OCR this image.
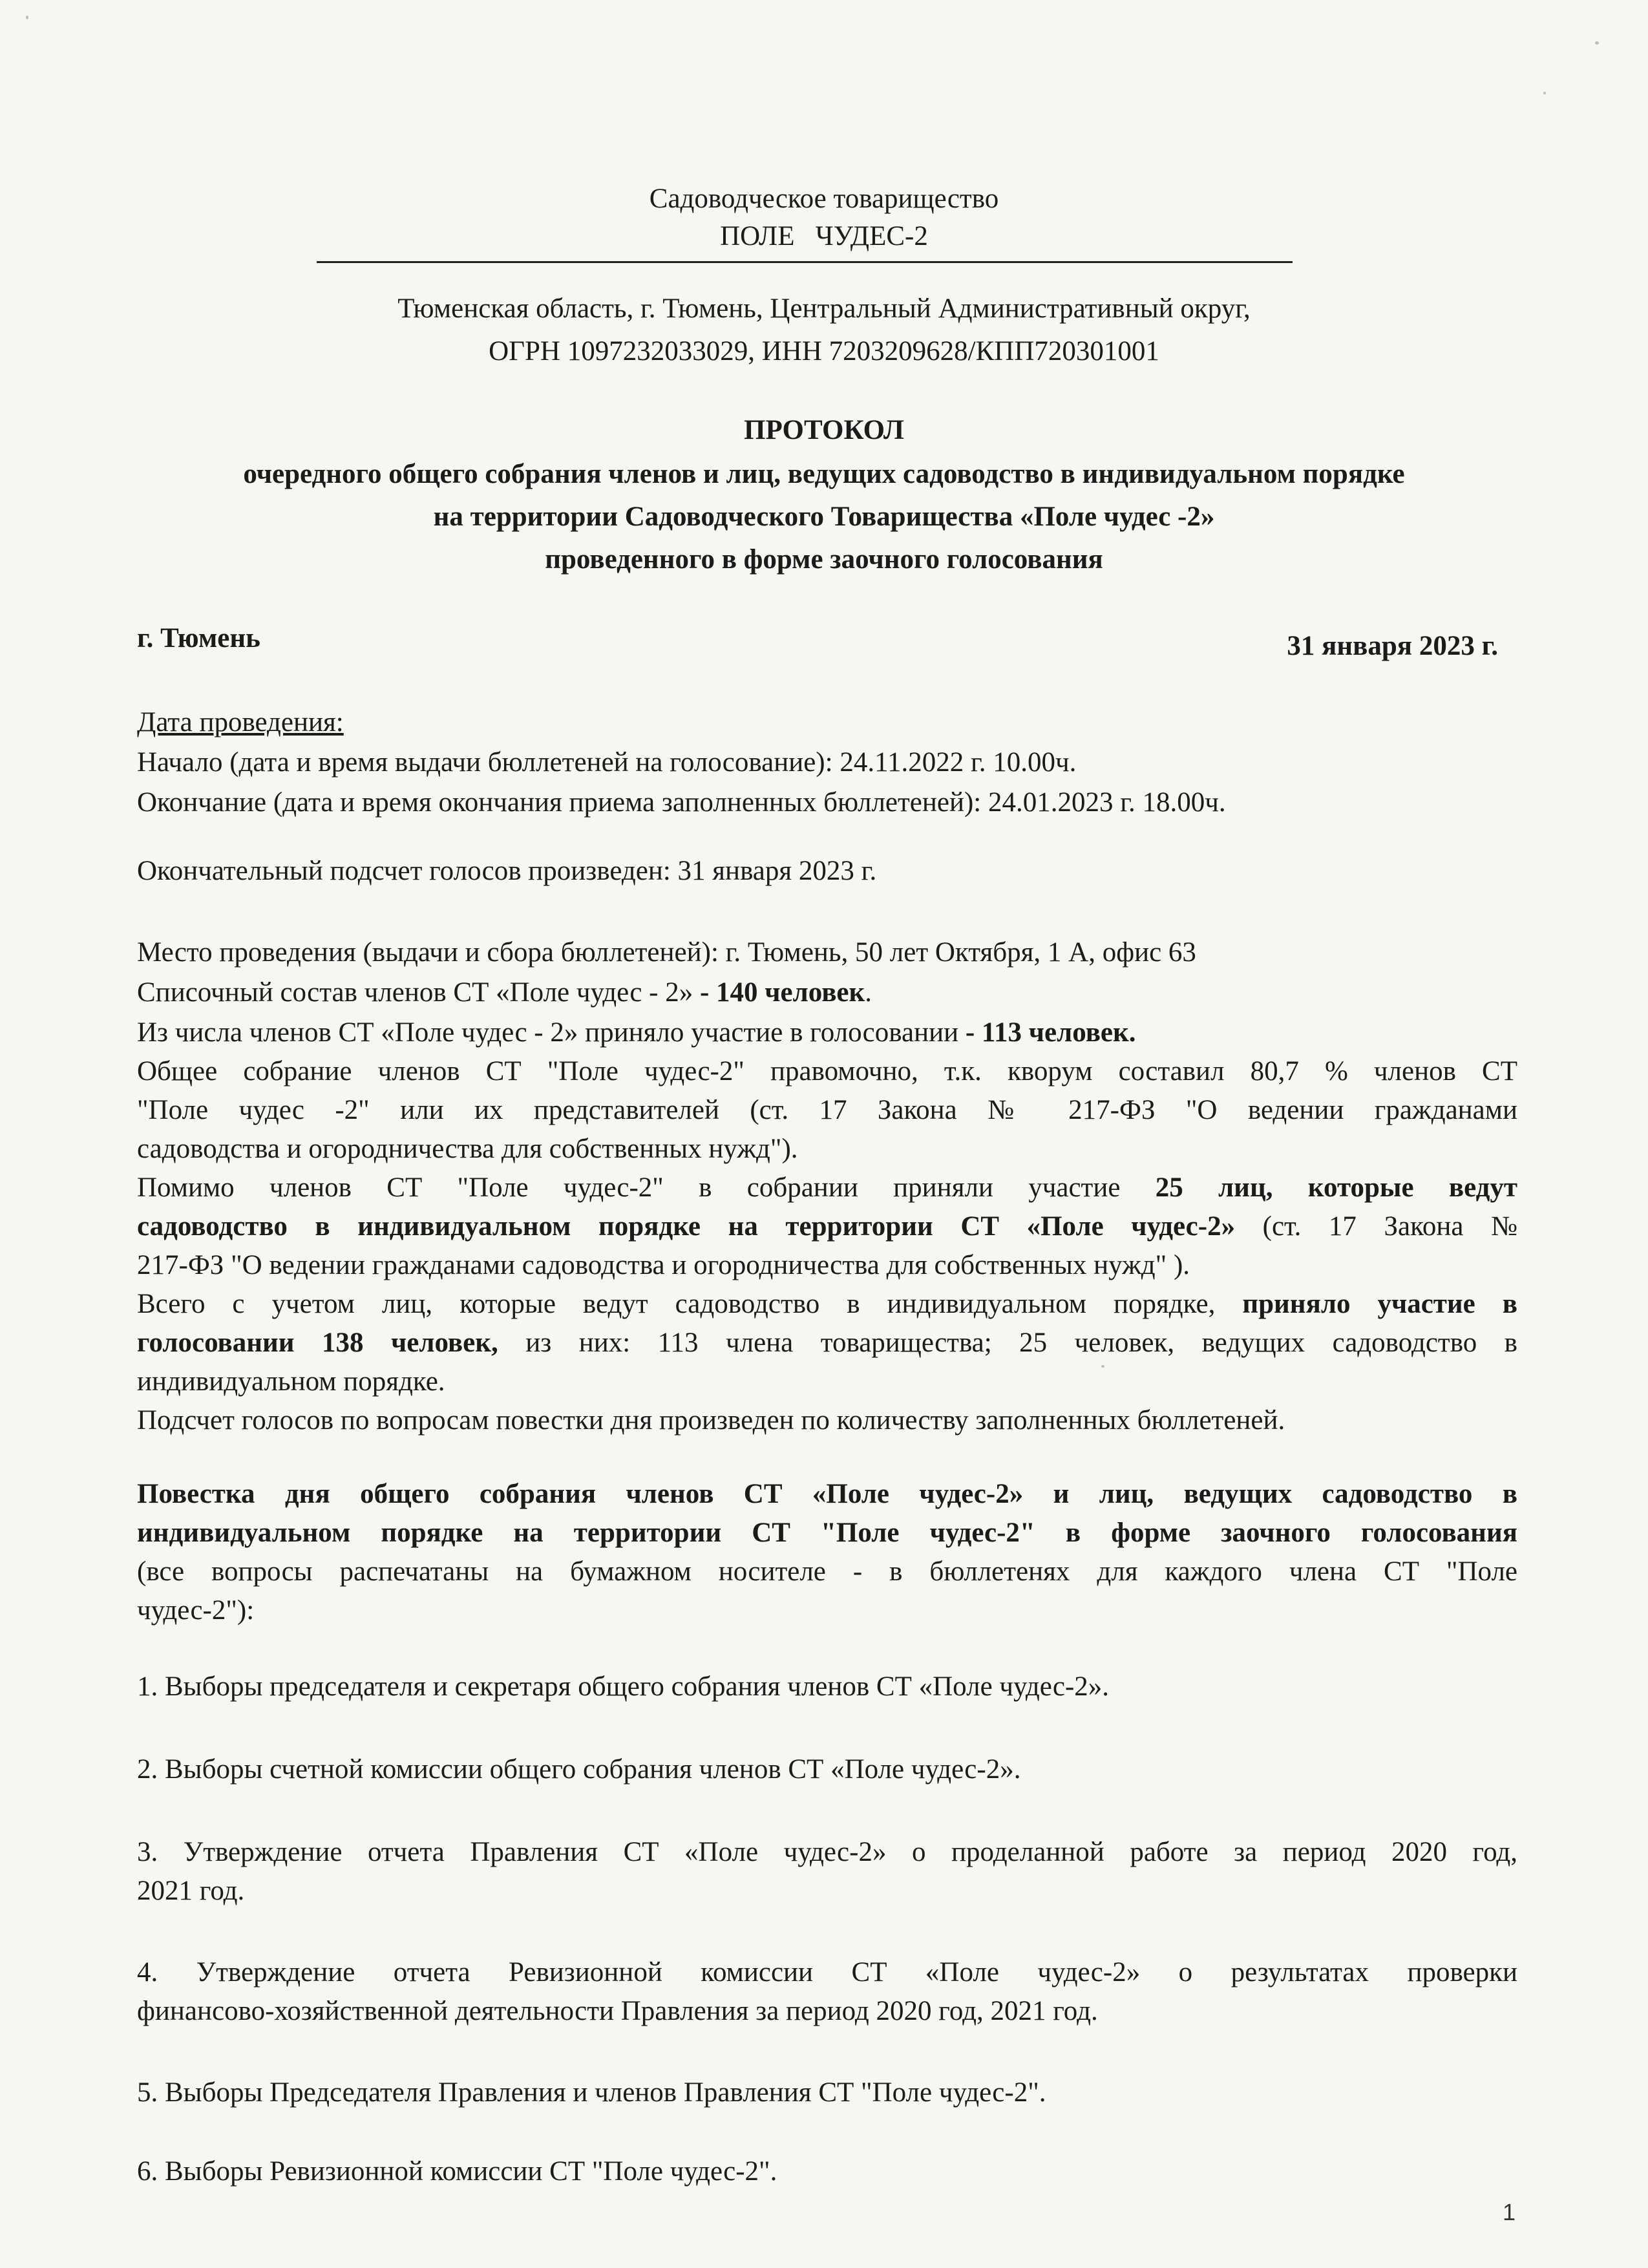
Садоводческое товарищество

ПОЛЕ   ЧУДЕС-2

Тюменская область, г. Тюмень, Центральный Административный округ,

ОГРН 1097232033029, ИНН 7203209628/КПП720301001

ПРОТОКОЛ

очередного общего собрания членов и лиц, ведущих садоводство в индивидуальном порядке

на территории Садоводческого Товарищества «Поле чудес -2»

проведенного в форме заочного голосования

г. Тюмень	31 января 2023 г.

Дата проведения:

Начало (дата и время выдачи бюллетеней на голосование): 24.11.2022 г. 10.00ч.

Окончание (дата и время окончания приема заполненных бюллетеней): 24.01.2023 г. 18.00ч.

Окончательный подсчет голосов произведен: 31 января 2023 г.

Место проведения (выдачи и сбора бюллетеней): г. Тюмень, 50 лет Октября, 1 А, офис 63

Списочный состав членов СТ «Поле чудес - 2» - 140 человек.

Из числа членов СТ «Поле чудес - 2» приняло участие в голосовании - 113 человек.

Общее собрание членов СТ "Поле чудес-2" правомочно, т.к. кворум составил 80,7 % членов СТ

"Поле чудес -2" или их представителей (ст. 17 Закона № 217-ФЗ "О ведении гражданами

садоводства и огородничества для собственных нужд").

Помимо членов СТ "Поле чудес-2" в собрании приняли участие 25 лиц, которые ведут

садоводство в индивидуальном порядке на территории СТ «Поле чудес-2» (ст. 17 Закона №

217-ФЗ "О ведении гражданами садоводства и огородничества для собственных нужд" ).

Всего с учетом лиц, которые ведут садоводство в индивидуальном порядке, приняло участие в

голосовании 138 человек, из них: 113 члена товарищества; 25 человек, ведущих садоводство в

индивидуальном порядке.

Подсчет голосов по вопросам повестки дня произведен по количеству заполненных бюллетеней.

Повестка дня общего собрания членов СТ «Поле чудес-2» и лиц, ведущих садоводство в

индивидуальном порядке на территории СТ "Поле чудес-2" в форме заочного голосования

(все вопросы распечатаны на бумажном носителе - в бюллетенях для каждого члена СТ "Поле

чудес-2"):

1. Выборы председателя и секретаря общего собрания членов СТ «Поле чудес-2».

2. Выборы счетной комиссии общего собрания членов СТ «Поле чудес-2».

3. Утверждение отчета Правления СТ «Поле чудес-2» о проделанной работе за период 2020 год,

2021 год.

4. Утверждение отчета Ревизионной комиссии СТ «Поле чудес-2» о результатах проверки

финансово-хозяйственной деятельности Правления за период 2020 год, 2021 год.

5. Выборы Председателя Правления и членов Правления СТ "Поле чудес-2".

6. Выборы Ревизионной комиссии СТ "Поле чудес-2".

1
